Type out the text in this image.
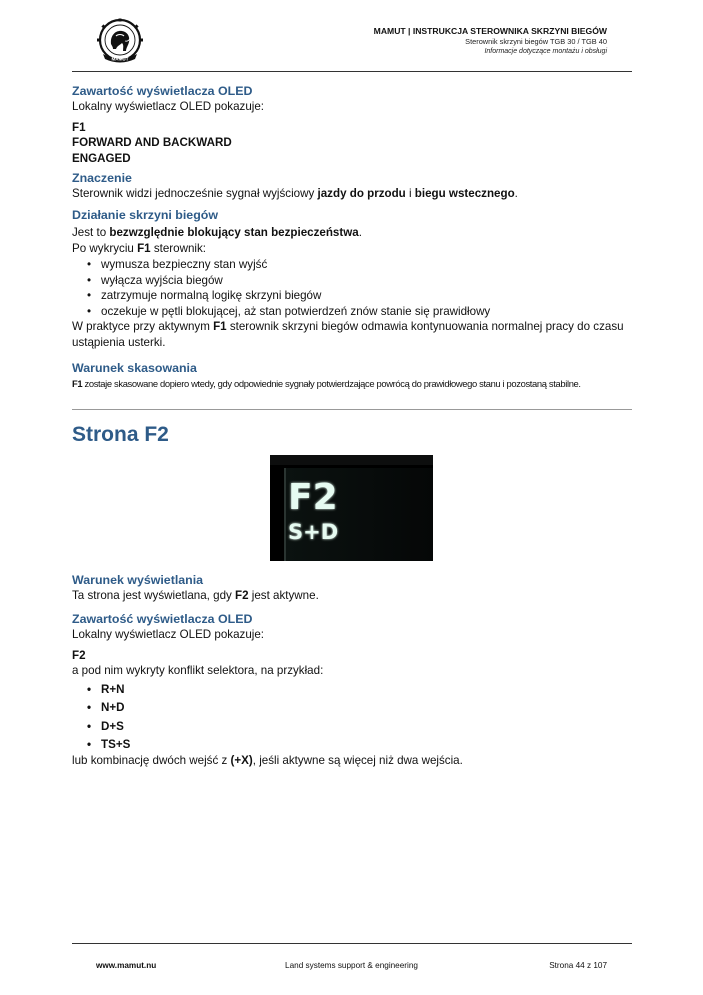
MAMUT
MAMUT | INSTRUKCJA STEROWNIKA SKRZYNI BIEGÓW
Sterownik skrzyni biegów TGB 30 / TGB 40
Informacje dotyczące montażu i obsługi

Zawartość wyświetlacza OLED

Lokalny wyświetlacz OLED pokazuje:

F1

FORWARD AND BACKWARD

ENGAGED

Znaczenie

Sterownik widzi jednocześnie sygnał wyjściowy jazdy do przodu i biegu wstecznego.

Działanie skrzyni biegów

Jest to bezwzględnie blokujący stan bezpieczeństwa.

Po wykryciu F1 sterownik:

• wymusza bezpieczny stan wyjść
• wyłącza wyjścia biegów
• zatrzymuje normalną logikę skrzyni biegów
• oczekuje w pętli blokującej, aż stan potwierdzeń znów stanie się prawidłowy

W praktyce przy aktywnym F1 sterownik skrzyni biegów odmawia kontynuowania normalnej pracy do czasu ustąpienia usterki.

Warunek skasowania

F1 zostaje skasowane dopiero wtedy, gdy odpowiednie sygnały potwierdzające powrócą do prawidłowego stanu i pozostaną stabilne.

Strona F2

F2
S+D

Warunek wyświetlania

Ta strona jest wyświetlana, gdy F2 jest aktywne.

Zawartość wyświetlacza OLED

Lokalny wyświetlacz OLED pokazuje:

F2

a pod nim wykryty konflikt selektora, na przykład:

• R+N
• N+D
• D+S
• TS+S

lub kombinację dwóch wejść z (+X), jeśli aktywne są więcej niż dwa wejścia.

www.mamut.nu	Land systems support & engineering	Strona 44 z 107
